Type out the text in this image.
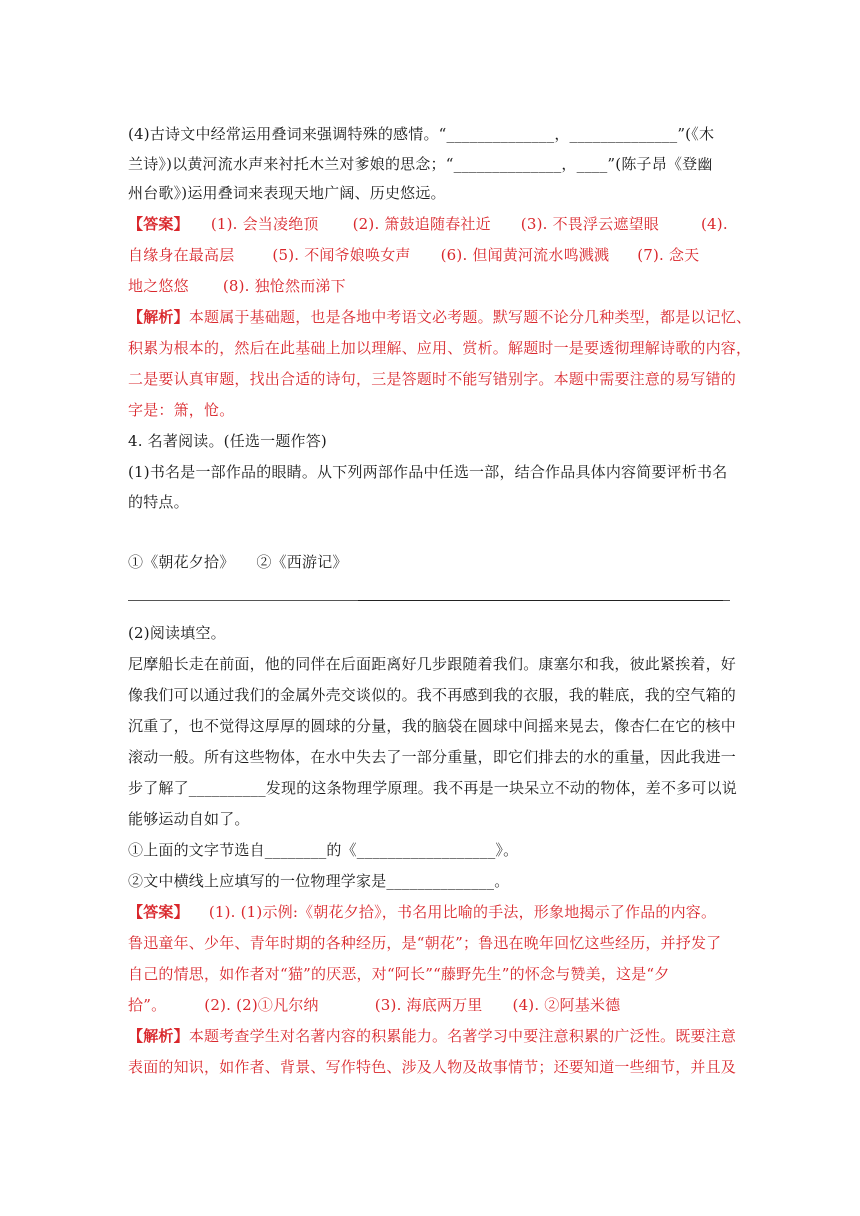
(4)古诗文中经常运用叠词来强调特殊的感情。“______________，______________”(《木
兰诗》)以黄河流水声来衬托木兰对爹娘的思念；“______________，____”(陈子昂《登幽
州台歌》)运用叠词来表现天地广阔、历史悠远。
【答案】 (1). 会当凌绝顶 (2). 箫鼓追随春社近 (3). 不畏浮云遮望眼	(4).
自缘身在最高层	(5). 不闻爷娘唤女声 (6). 但闻黄河流水鸣溅溅 (7). 念天
地之悠悠 (8). 独怆然而涕下
【解析】本题属于基础题，也是各地中考语文必考题。默写题不论分几种类型，都是以记忆、
积累为根本的，然后在此基础上加以理解、应用、赏析。解题时一是要透彻理解诗歌的内容，
二是要认真审题，找出合适的诗句，三是答题时不能写错别字。本题中需要注意的易写错的
字是：箫，怆。
4. 名著阅读。(任选一题作答)
(1)书名是一部作品的眼睛。从下列两部作品中任选一部，结合作品具体内容简要评析书名
的特点。
①《朝花夕拾》 ②《西游记》
(2)阅读填空。
尼摩船长走在前面，他的同伴在后面距离好几步跟随着我们。康塞尔和我，彼此紧挨着，好
像我们可以通过我们的金属外壳交谈似的。我不再感到我的衣服，我的鞋底，我的空气箱的
沉重了，也不觉得这厚厚的圆球的分量，我的脑袋在圆球中间摇来晃去，像杏仁在它的核中
滚动一般。所有这些物体，在水中失去了一部分重量，即它们排去的水的重量，因此我进一
步了解了__________发现的这条物理学原理。我不再是一块呆立不动的物体，差不多可以说
能够运动自如了。
①上面的文字节选自________的《__________________》。
②文中横线上应填写的一位物理学家是______________。
【答案】 (1). (1)示例:《朝花夕拾》，书名用比喻的手法，形象地揭示了作品的内容。
鲁迅童年、少年、青年时期的各种经历，是“朝花”；鲁迅在晚年回忆这些经历，并抒发了
自己的情思，如作者对“猫”的厌恶，对“阿长”“藤野先生”的怀念与赞美，这是“夕
拾”。	(2). (2)①凡尔纳	(3). 海底两万里 (4). ②阿基米德
【解析】本题考查学生对名著内容的积累能力。名著学习中要注意积累的广泛性。既要注意
表面的知识，如作者、背景、写作特色、涉及人物及故事情节；还要知道一些细节，并且及
